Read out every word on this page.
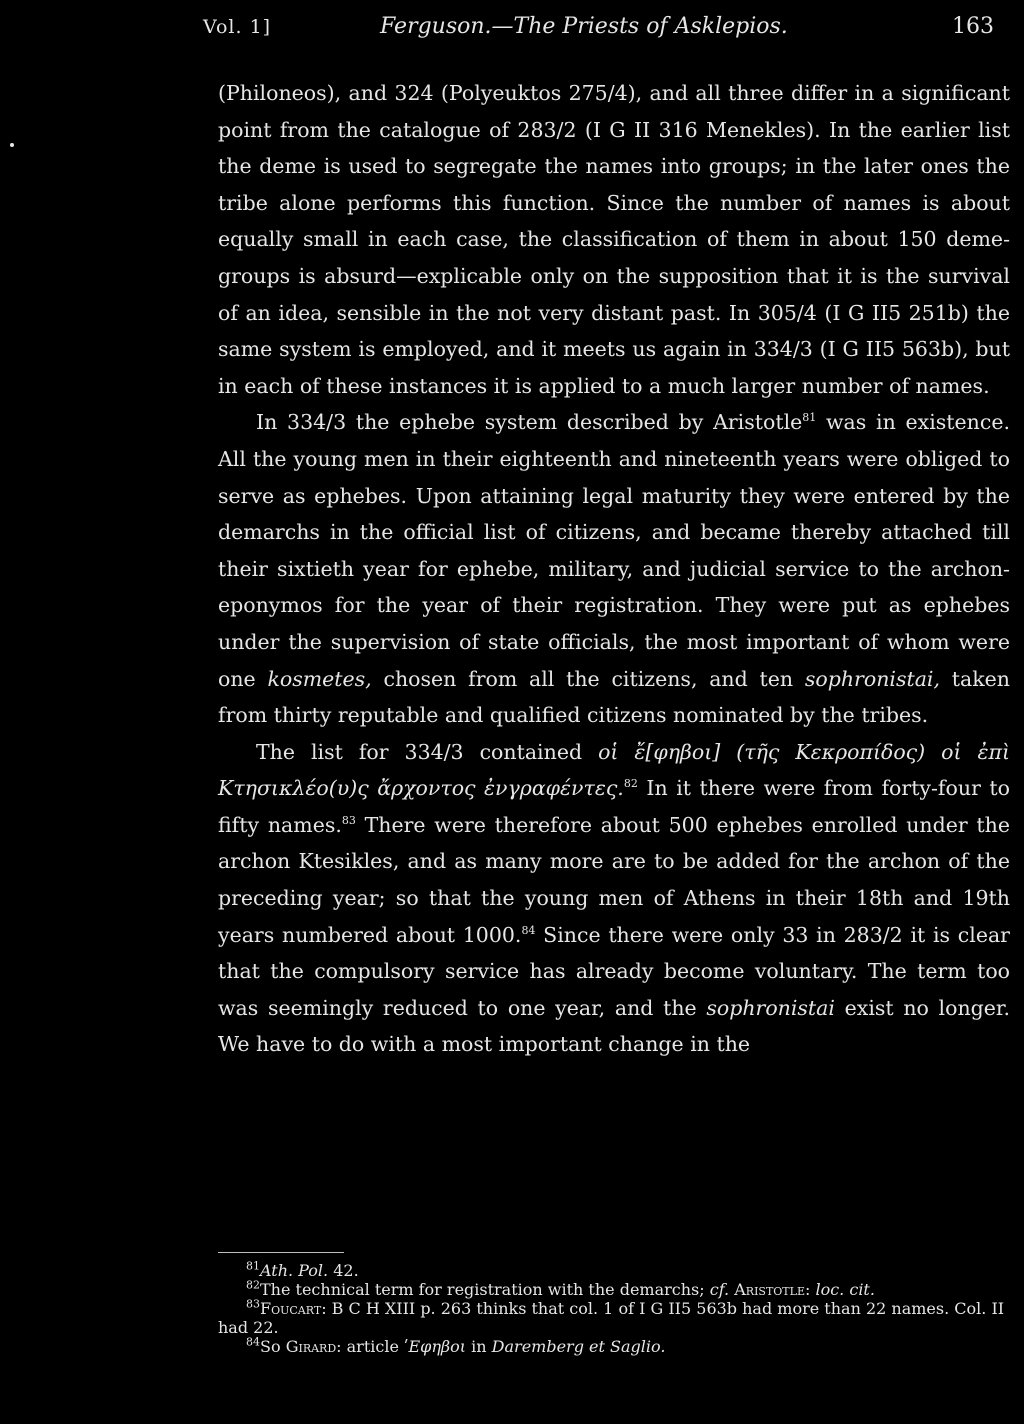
Vol. 1]	Ferguson.—The Priests of Asklepios.	163

(Philoneos), and 324 (Polyeuktos 275/4), and all three differ in a significant point from the catalogue of 283/2 (I G II 316 Menekles). In the earlier list the deme is used to segregate the names into groups; in the later ones the tribe alone performs this function. Since the number of names is about equally small in each case, the classification of them in about 150 deme-groups is absurd—explicable only on the supposition that it is the survival of an idea, sensible in the not very distant past. In 305/4 (I G II5 251b) the same system is employed, and it meets us again in 334/3 (I G II5 563b), but in each of these instances it is applied to a much larger number of names.

In 334/3 the ephebe system described by Aristotle$^{81}$ was in existence. All the young men in their eighteenth and nineteenth years were obliged to serve as ephebes. Upon attaining legal maturity they were entered by the demarchs in the official list of citizens, and became thereby attached till their sixtieth year for ephebe, military, and judicial service to the archon-eponymos for the year of their registration. They were put as ephebes under the supervision of state officials, the most important of whom were one kosmetes, chosen from all the citizens, and ten sophronistai, taken from thirty reputable and qualified citizens nominated by the tribes.

The list for 334/3 contained οἱ ἔ[φηβοι] (τῆς Κεκροπίδος) οἱ ἐπὶ Κτησικλέο(υ)ς ἄρχοντος ἐνγραφέντες.$^{82}$ In it there were from forty-four to fifty names.$^{83}$ There were therefore about 500 ephebes enrolled under the archon Ktesikles, and as many more are to be added for the archon of the preceding year; so that the young men of Athens in their 18th and 19th years numbered about 1000.84 Since there were only 33 in 283/2 it is clear that the compulsory service has already become voluntary. The term too was seemingly reduced to one year, and the sophronistai exist no longer. We have to do with a most important change in the

$^{81}$Ath. Pol. 42.

$^{82}$The technical term for registration with the demarchs; cf. Aristotle: loc. cit.

$^{83}$Foucart: B C H XIII p. 263 thinks that col. 1 of I G II5 563b had more than 22 names. Col. II had 22.

$^{84}$So Girard: article ʹΕφηβοι in Daremberg et Saglio.
